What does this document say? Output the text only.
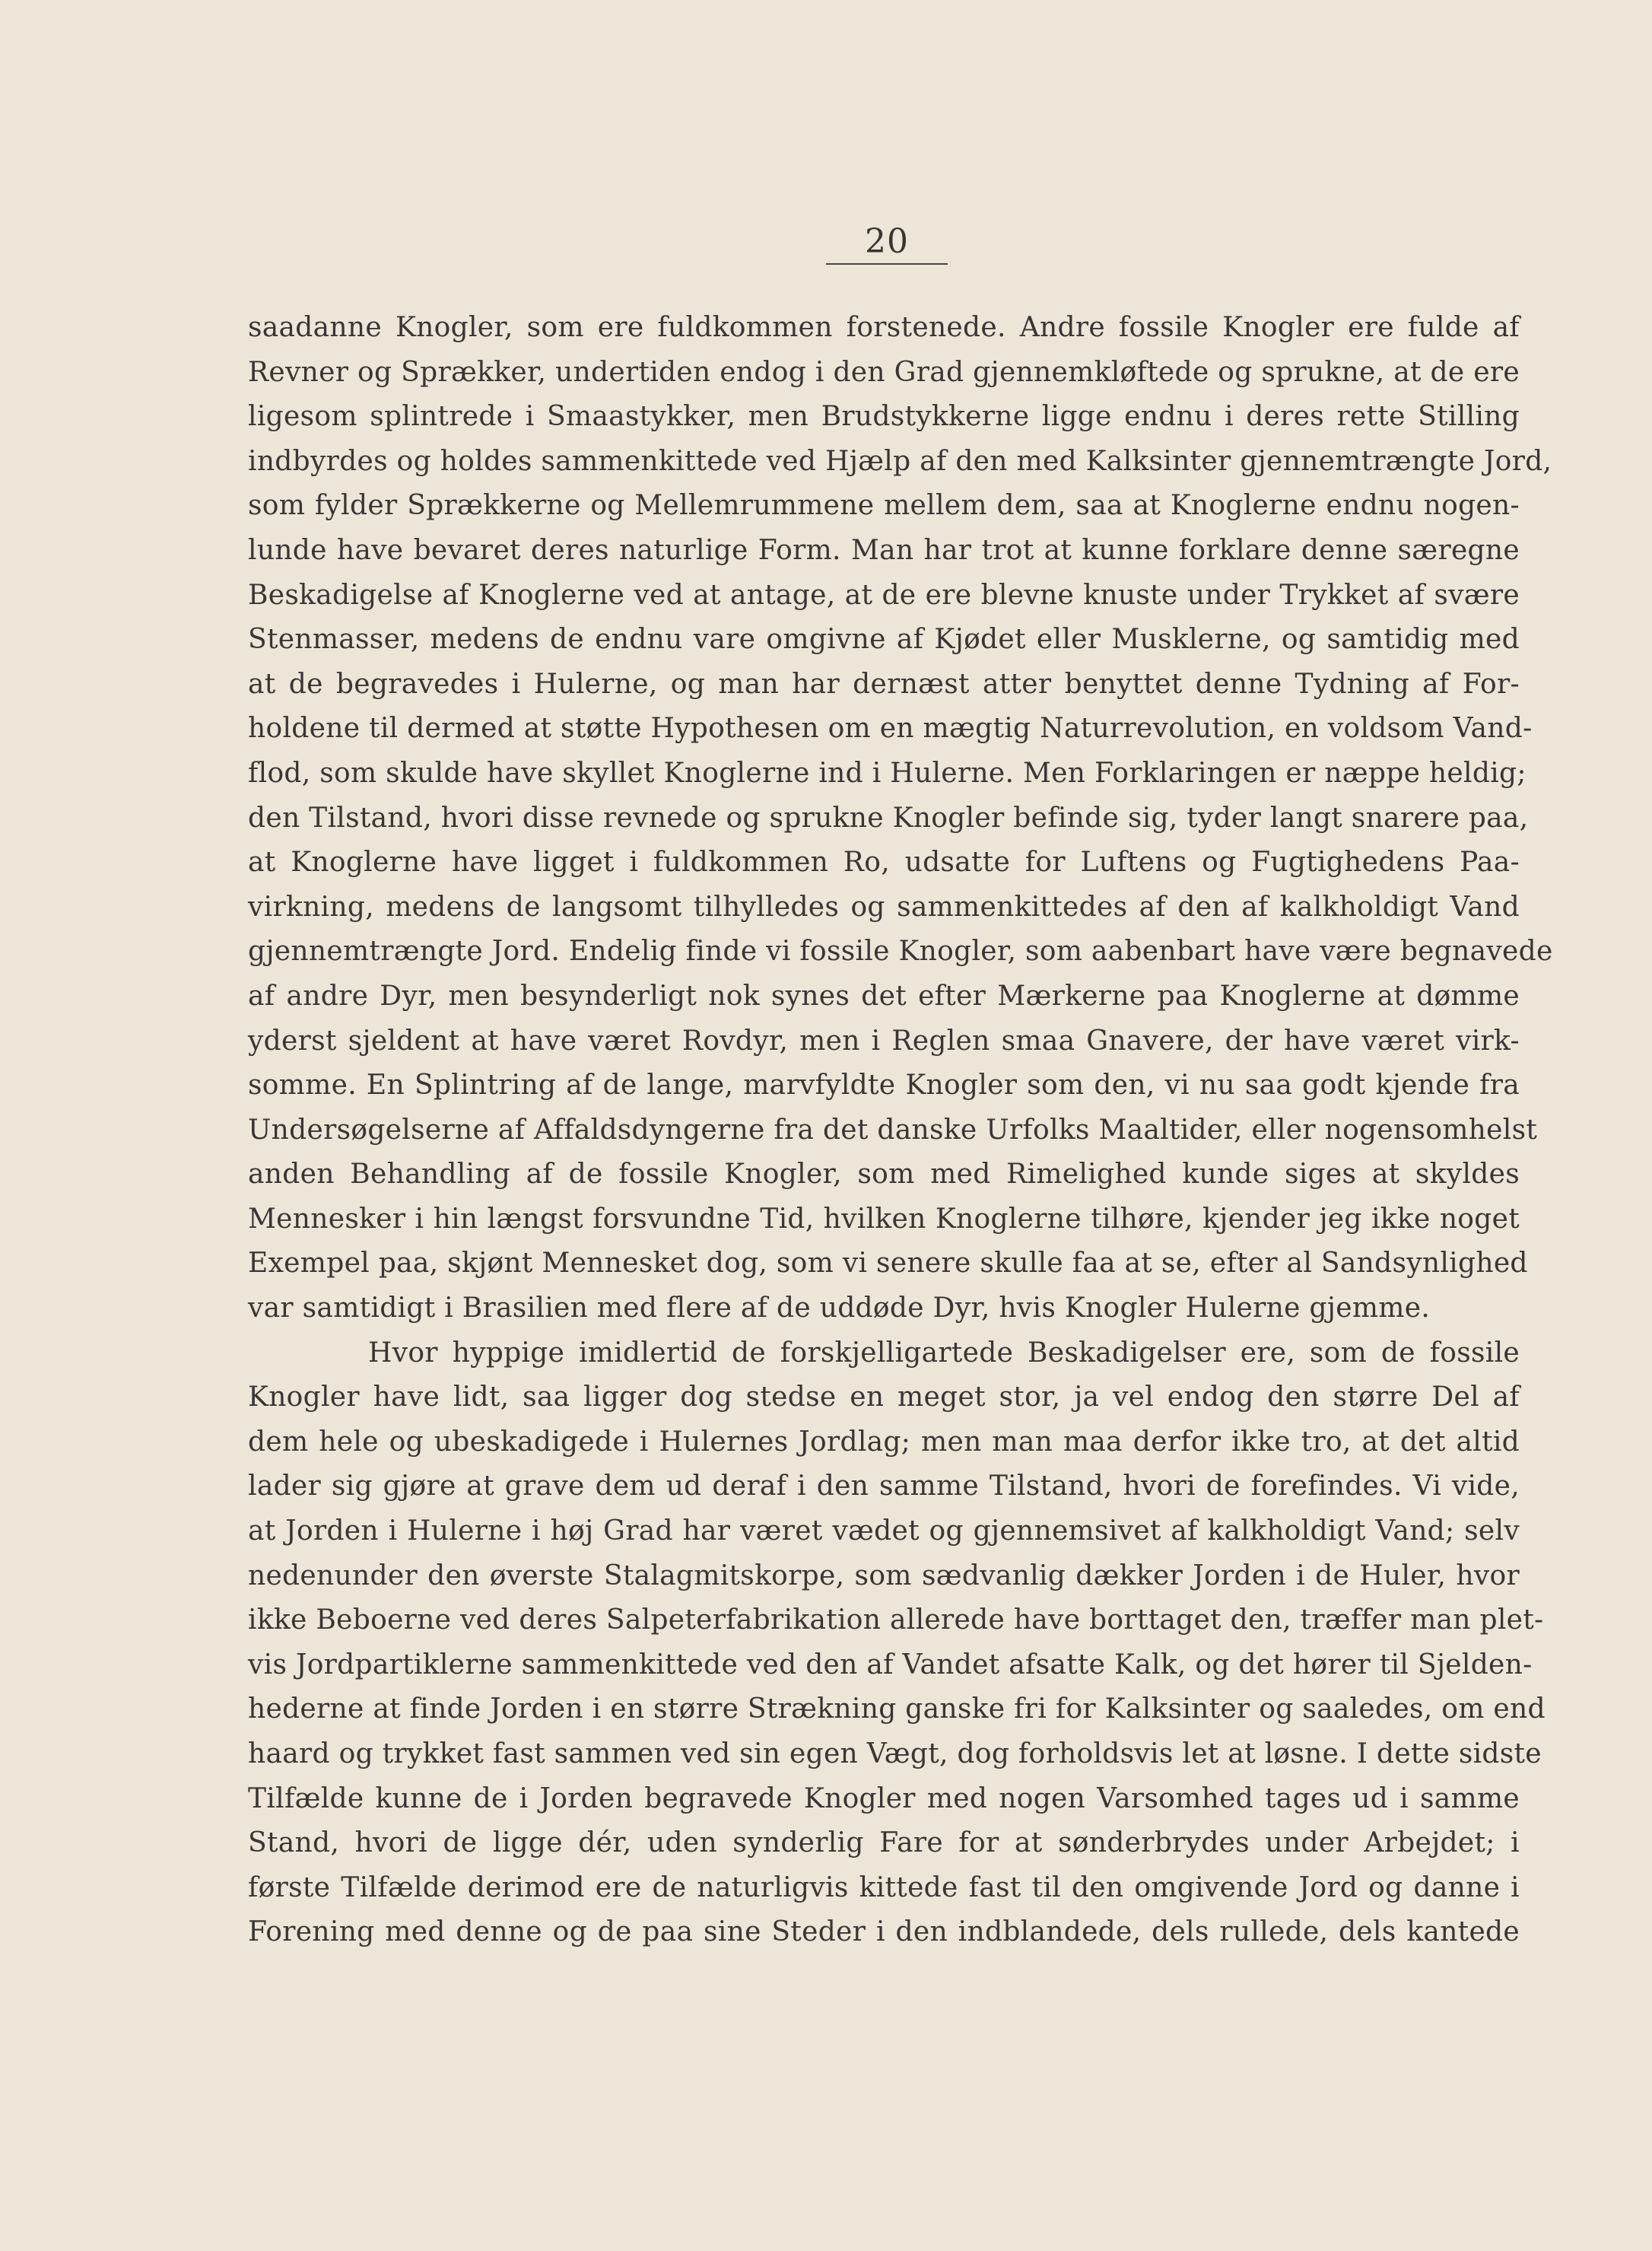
20
saadanne Knogler, som ere fuldkommen forstenede. Andre fossile Knogler ere fulde af
Revner og Sprækker, undertiden endog i den Grad gjennemkløftede og sprukne, at de ere
ligesom splintrede i Smaastykker, men Brudstykkerne ligge endnu i deres rette Stilling
indbyrdes og holdes sammenkittede ved Hjælp af den med Kalksinter gjennemtrængte Jord,
som fylder Sprækkerne og Mellemrummene mellem dem, saa at Knoglerne endnu nogen-
lunde have bevaret deres naturlige Form. Man har trot at kunne forklare denne særegne
Beskadigelse af Knoglerne ved at antage, at de ere blevne knuste under Trykket af svære
Stenmasser, medens de endnu vare omgivne af Kjødet eller Musklerne, og samtidig med
at de begravedes i Hulerne, og man har dernæst atter benyttet denne Tydning af For-
holdene til dermed at støtte Hypothesen om en mægtig Naturrevolution, en voldsom Vand-
flod, som skulde have skyllet Knoglerne ind i Hulerne. Men Forklaringen er næppe heldig;
den Tilstand, hvori disse revnede og sprukne Knogler befinde sig, tyder langt snarere paa,
at Knoglerne have ligget i fuldkommen Ro, udsatte for Luftens og Fugtighedens Paa-
virkning, medens de langsomt tilhylledes og sammenkittedes af den af kalkholdigt Vand
gjennemtrængte Jord. Endelig finde vi fossile Knogler, som aabenbart have være begnavede
af andre Dyr, men besynderligt nok synes det efter Mærkerne paa Knoglerne at dømme
yderst sjeldent at have været Rovdyr, men i Reglen smaa Gnavere, der have været virk-
somme. En Splintring af de lange, marvfyldte Knogler som den, vi nu saa godt kjende fra
Undersøgelserne af Affaldsdyngerne fra det danske Urfolks Maaltider, eller nogensomhelst
anden Behandling af de fossile Knogler, som med Rimelighed kunde siges at skyldes
Mennesker i hin længst forsvundne Tid, hvilken Knoglerne tilhøre, kjender jeg ikke noget
Exempel paa, skjønt Mennesket dog, som vi senere skulle faa at se, efter al Sandsynlighed
var samtidigt i Brasilien med flere af de uddøde Dyr, hvis Knogler Hulerne gjemme.
Hvor hyppige imidlertid de forskjelligartede Beskadigelser ere, som de fossile
Knogler have lidt, saa ligger dog stedse en meget stor, ja vel endog den større Del af
dem hele og ubeskadigede i Hulernes Jordlag; men man maa derfor ikke tro, at det altid
lader sig gjøre at grave dem ud deraf i den samme Tilstand, hvori de forefindes. Vi vide,
at Jorden i Hulerne i høj Grad har været vædet og gjennemsivet af kalkholdigt Vand; selv
nedenunder den øverste Stalagmitskorpe, som sædvanlig dækker Jorden i de Huler, hvor
ikke Beboerne ved deres Salpeterfabrikation allerede have borttaget den, træffer man plet-
vis Jordpartiklerne sammenkittede ved den af Vandet afsatte Kalk, og det hører til Sjelden-
hederne at finde Jorden i en større Strækning ganske fri for Kalksinter og saaledes, om end
haard og trykket fast sammen ved sin egen Vægt, dog forholdsvis let at løsne. I dette sidste
Tilfælde kunne de i Jorden begravede Knogler med nogen Varsomhed tages ud i samme
Stand, hvori de ligge dér, uden synderlig Fare for at sønderbrydes under Arbejdet; i
første Tilfælde derimod ere de naturligvis kittede fast til den omgivende Jord og danne i
Forening med denne og de paa sine Steder i den indblandede, dels rullede, dels kantede
